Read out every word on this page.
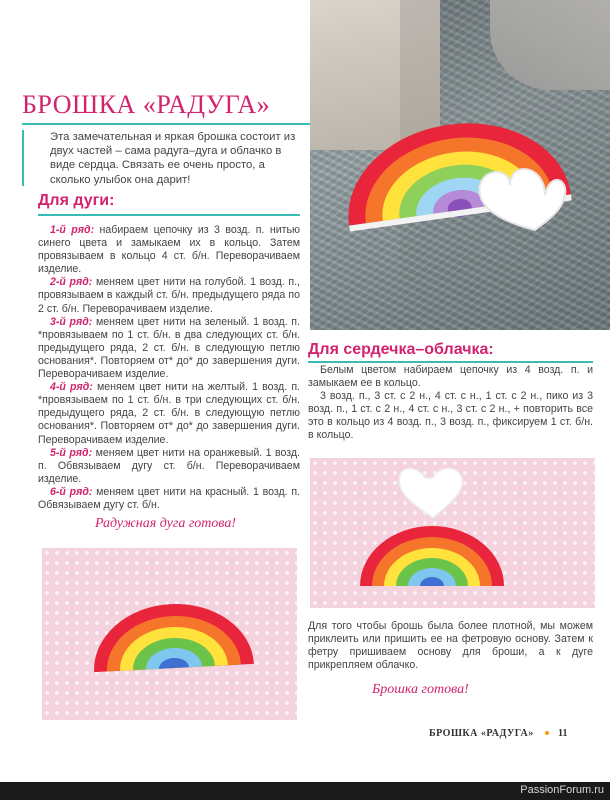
БРОШКА «РАДУГА»

Эта замечательная и яркая брошка состоит из двух частей – сама радуга–дуга и облачко в виде сердца. Связать ее очень просто, а сколько улыбок она дарит!

Для дуги:

1-й ряд: набираем цепочку из 3 возд. п. нитью синего цвета и замыкаем их в кольцо. Затем провязываем в кольцо 4 ст. б/н. Переворачиваем изделие.

2-й ряд: меняем цвет нити на голубой. 1 возд. п., провязываем в каждый ст. б/н. предыдущего ряда по 2 ст. б/н. Переворачиваем изделие.

3-й ряд: меняем цвет нити на зеленый. 1 возд. п. *провязываем по 1 ст. б/н. в два следующих ст. б/н. предыдущего ряда, 2 ст. б/н. в следующую петлю основания*. Повторяем от* до* до завершения дуги. Переворачиваем изделие.

4-й ряд: меняем цвет нити на желтый. 1 возд. п. *провязываем по 1 ст. б/н. в три следующих ст. б/н. предыдущего ряда, 2 ст. б/н. в следующую петлю основания*. Повторяем от* до* до завершения дуги. Переворачиваем изделие.

5-й ряд: меняем цвет нити на оранжевый. 1 возд. п. Обвязываем дугу ст. б/н. Переворачиваем изделие.

6-й ряд: меняем цвет нити на красный. 1 возд. п. Обвязываем дугу ст. б/н.

Радужная дуга готова!
Для сердечка–облачка:

Белым цветом набираем цепочку из 4 возд. п. и замыкаем ее в кольцо.

3 возд. п., 3 ст. с 2 н., 4 ст. с н., 1 ст. с 2 н., пико из 3 возд. п., 1 ст. с 2 н., 4 ст. с н., 3 ст. с 2 н., + повторить все это в кольцо из 4 возд. п., 3 возд. п., фиксируем 1 ст. б/н. в кольцо.

Для того чтобы брошь была более плотной, мы можем приклеить или пришить ее на фетровую основу. Затем к фетру пришиваем основу для броши, а к дуге прикрепляем облачко.

Брошка готова!
БРОШКА «РАДУГА» 11
PassionForum.ru
